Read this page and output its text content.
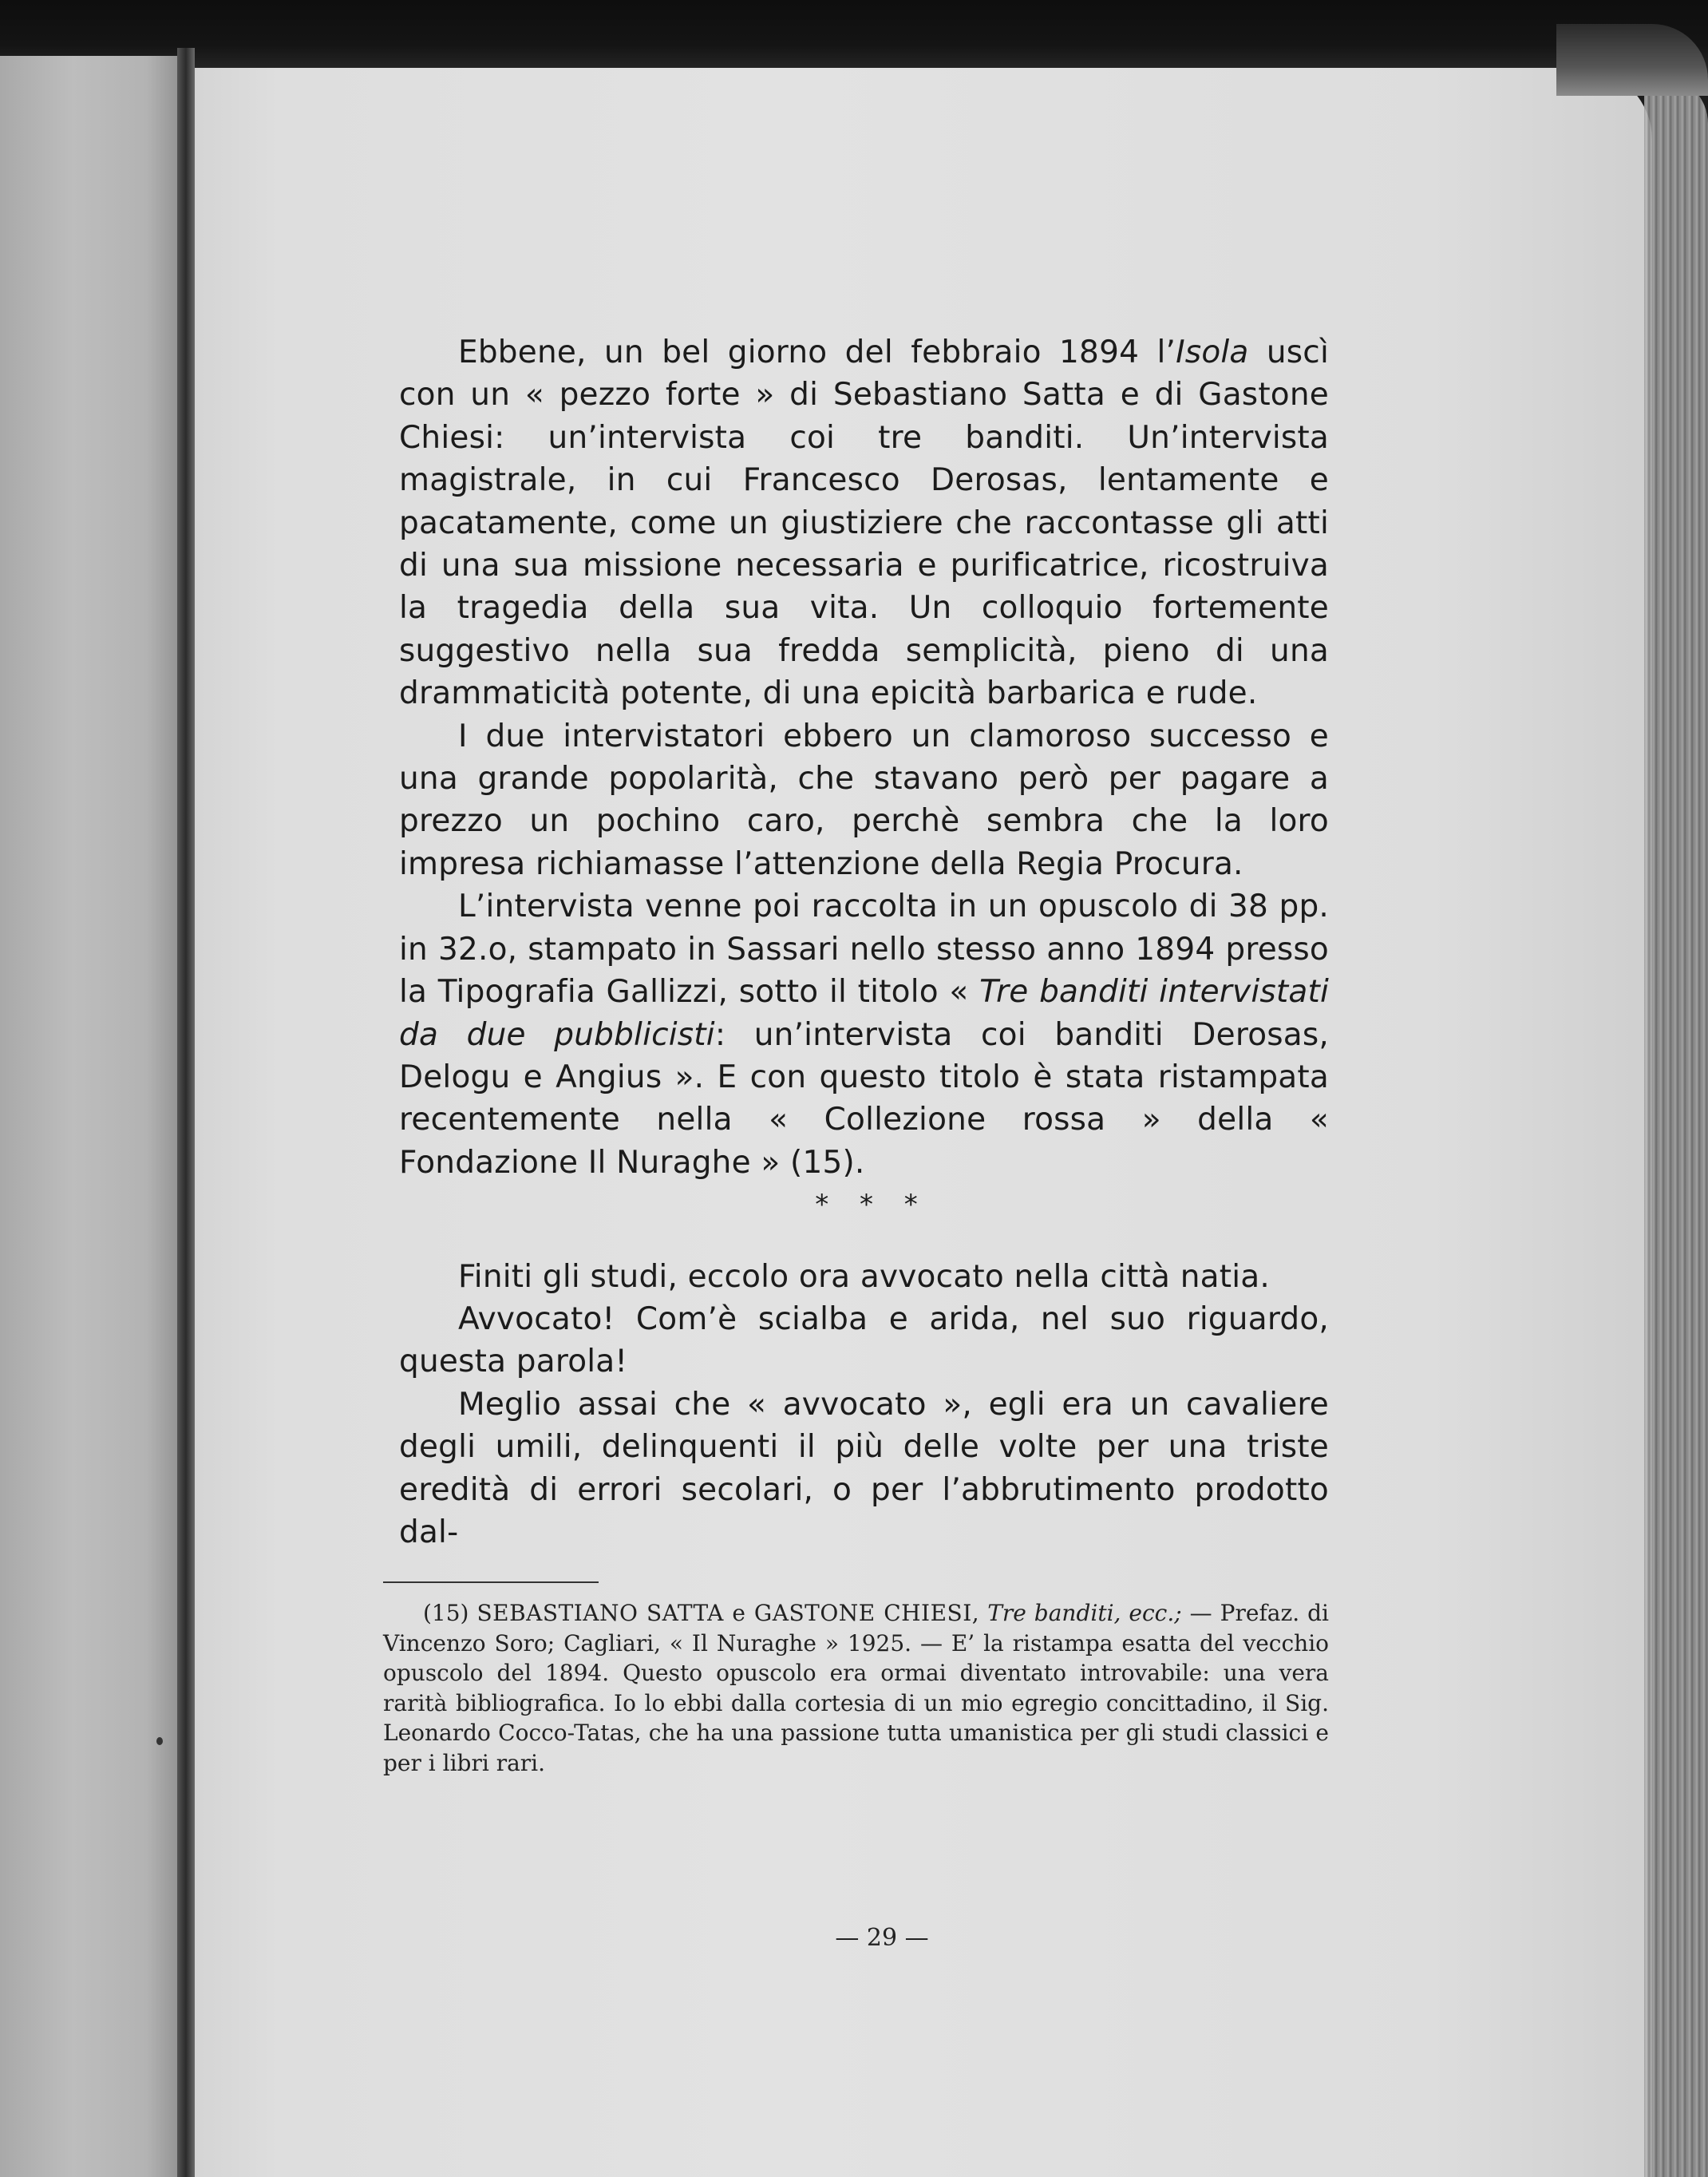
Ebbene, un bel giorno del febbraio 1894 l’Isola uscì con un « pezzo forte » di Sebastiano Satta e di Gastone Chiesi: un’intervista coi tre banditi. Un’intervista magistrale, in cui Francesco Derosas, lentamente e pacatamente, come un giustiziere che raccontasse gli atti di una sua missione necessaria e purificatrice, ricostruiva la tragedia della sua vita. Un colloquio fortemente suggestivo nella sua fredda semplicità, pieno di una drammaticità potente, di una epicità barbarica e rude.

I due intervistatori ebbero un clamoroso successo e una grande popolarità, che stavano però per pagare a prezzo un pochino caro, perchè sembra che la loro impresa richiamasse l’attenzione della Regia Procura.

L’intervista venne poi raccolta in un opuscolo di 38 pp. in 32.o, stampato in Sassari nello stesso anno 1894 presso la Tipografia Gallizzi, sotto il titolo « Tre banditi intervistati da due pubblicisti: un’intervista coi banditi Derosas, Delogu e Angius ». E con questo titolo è stata ristampata recentemente nella « Collezione rossa » della « Fondazione Il Nuraghe » (15).

* * *

Finiti gli studi, eccolo ora avvocato nella città natia.

Avvocato! Com’è scialba e arida, nel suo riguardo, questa parola!

Meglio assai che « avvocato », egli era un cavaliere degli umili, delinquenti il più delle volte per una triste eredità di errori secolari, o per l’abbrutimento prodotto dal-

(15) SEBASTIANO SATTA e GASTONE CHIESI, Tre banditi, ecc.; — Prefaz. di Vincenzo Soro; Cagliari, « Il Nuraghe » 1925. — E’ la ristampa esatta del vecchio opuscolo del 1894. Questo opuscolo era ormai diventato introvabile: una vera rarità bibliografica. Io lo ebbi dalla cortesia di un mio egregio concittadino, il Sig. Leonardo Cocco-Tatas, che ha una passione tutta umanistica per gli studi classici e per i libri rari.

— 29 —
